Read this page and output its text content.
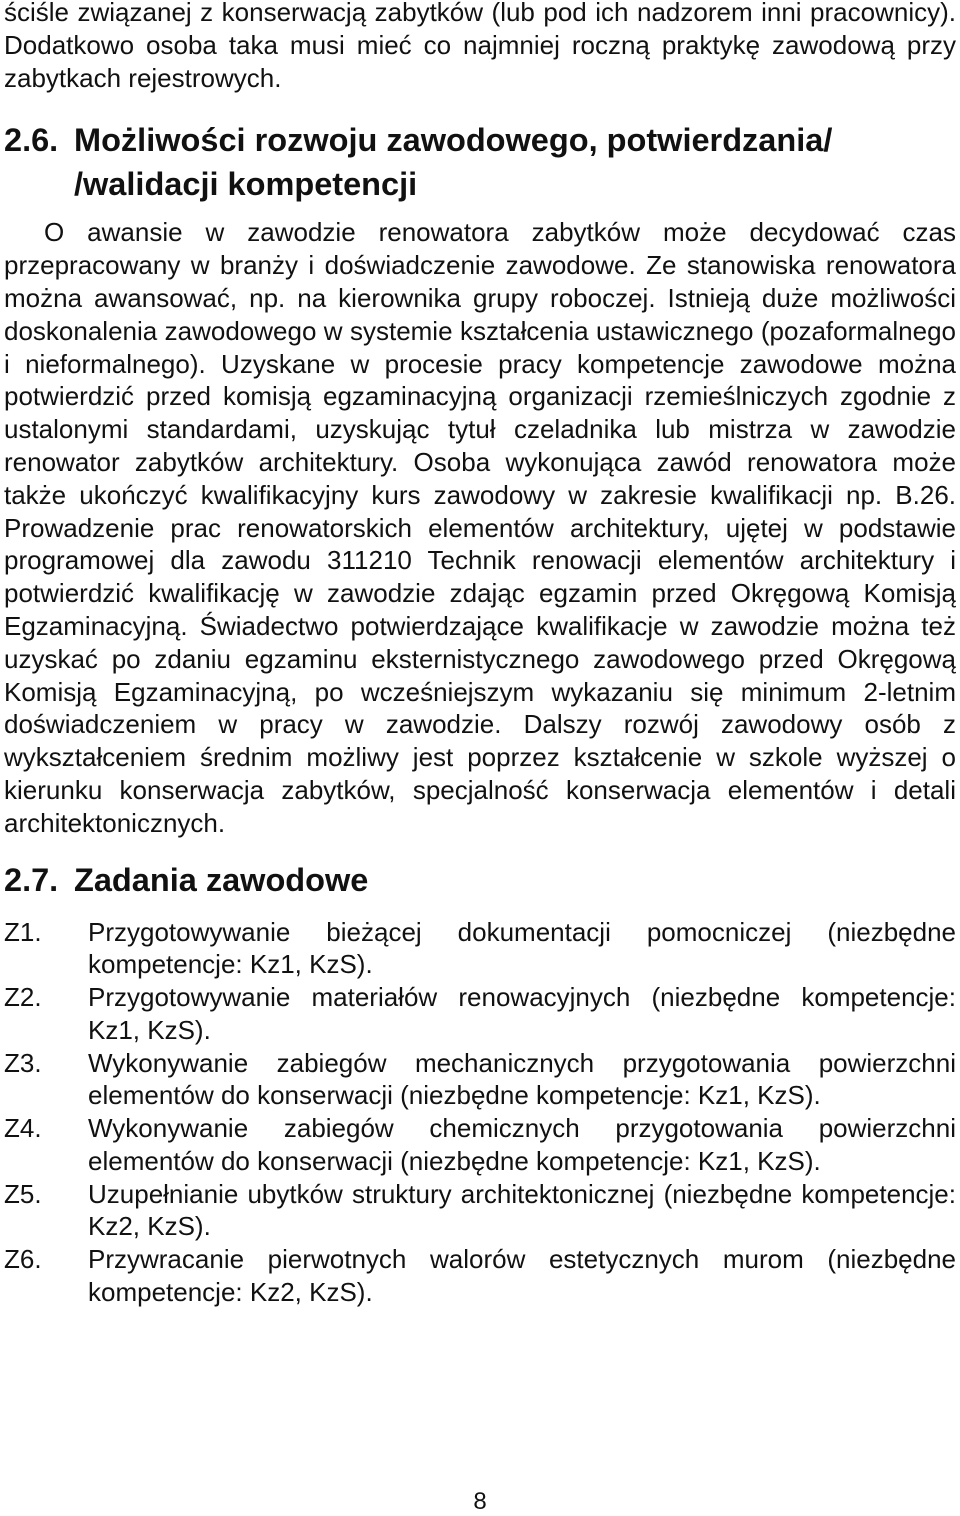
ściśle związanej z konserwacją zabytków (lub pod ich nadzorem inni pracownicy). Dodatkowo osoba taka musi mieć co najmniej roczną praktykę zawodową przy zabytkach rejestrowych.

2.6. Możliwości rozwoju zawodowego, potwierdzania/
/walidacji kompetencji

O awansie w zawodzie renowatora zabytków może decydować czas przepracowany w branży i doświadczenie zawodowe. Ze stanowiska renowatora można awansować, np. na kierownika grupy roboczej. Istnieją duże możliwości doskonalenia zawodowego w systemie kształcenia ustawicznego (pozaformalnego i nieformalnego). Uzyskane w procesie pracy kompetencje zawodowe można potwierdzić przed komisją egzaminacyjną organizacji rzemieślniczych zgodnie z ustalonymi standardami, uzyskując tytuł czeladnika lub mistrza w zawodzie renowator zabytków architektury. Osoba wykonująca zawód renowatora może także ukończyć kwalifikacyjny kurs zawodowy w zakresie kwalifikacji np. B.26. Prowadzenie prac renowatorskich elementów architektury, ujętej w podstawie programowej dla zawodu 311210 Technik renowacji elementów architektury i potwierdzić kwalifikację w zawodzie zdając egzamin przed Okręgową Komisją Egzaminacyjną. Świadectwo potwierdzające kwalifikacje w zawodzie można też uzyskać po zdaniu egzaminu eksternistycznego zawodowego przed Okręgową Komisją Egzaminacyjną, po wcześniejszym wykazaniu się minimum 2-letnim doświadczeniem w pracy w zawodzie. Dalszy rozwój zawodowy osób z wykształceniem średnim możliwy jest poprzez kształcenie w szkole wyższej o kierunku konserwacja zabytków, specjalność konserwacja elementów i detali architektonicznych.

2.7. Zadania zawodowe
Z1.	Przygotowywanie bieżącej dokumentacji pomocniczej (niezbędne kompetencje: Kz1, KzS).
Z2.	Przygotowywanie materiałów renowacyjnych (niezbędne kompetencje: Kz1, KzS).
Z3.	Wykonywanie zabiegów mechanicznych przygotowania powierzchni elementów do konserwacji (niezbędne kompetencje: Kz1, KzS).
Z4.	Wykonywanie zabiegów chemicznych przygotowania powierzchni elementów do konserwacji (niezbędne kompetencje: Kz1, KzS).
Z5.	Uzupełnianie ubytków struktury architektonicznej (niezbędne kompetencje: Kz2, KzS).
Z6.	Przywracanie pierwotnych walorów estetycznych murom (niezbędne kompetencje: Kz2, KzS).
8
